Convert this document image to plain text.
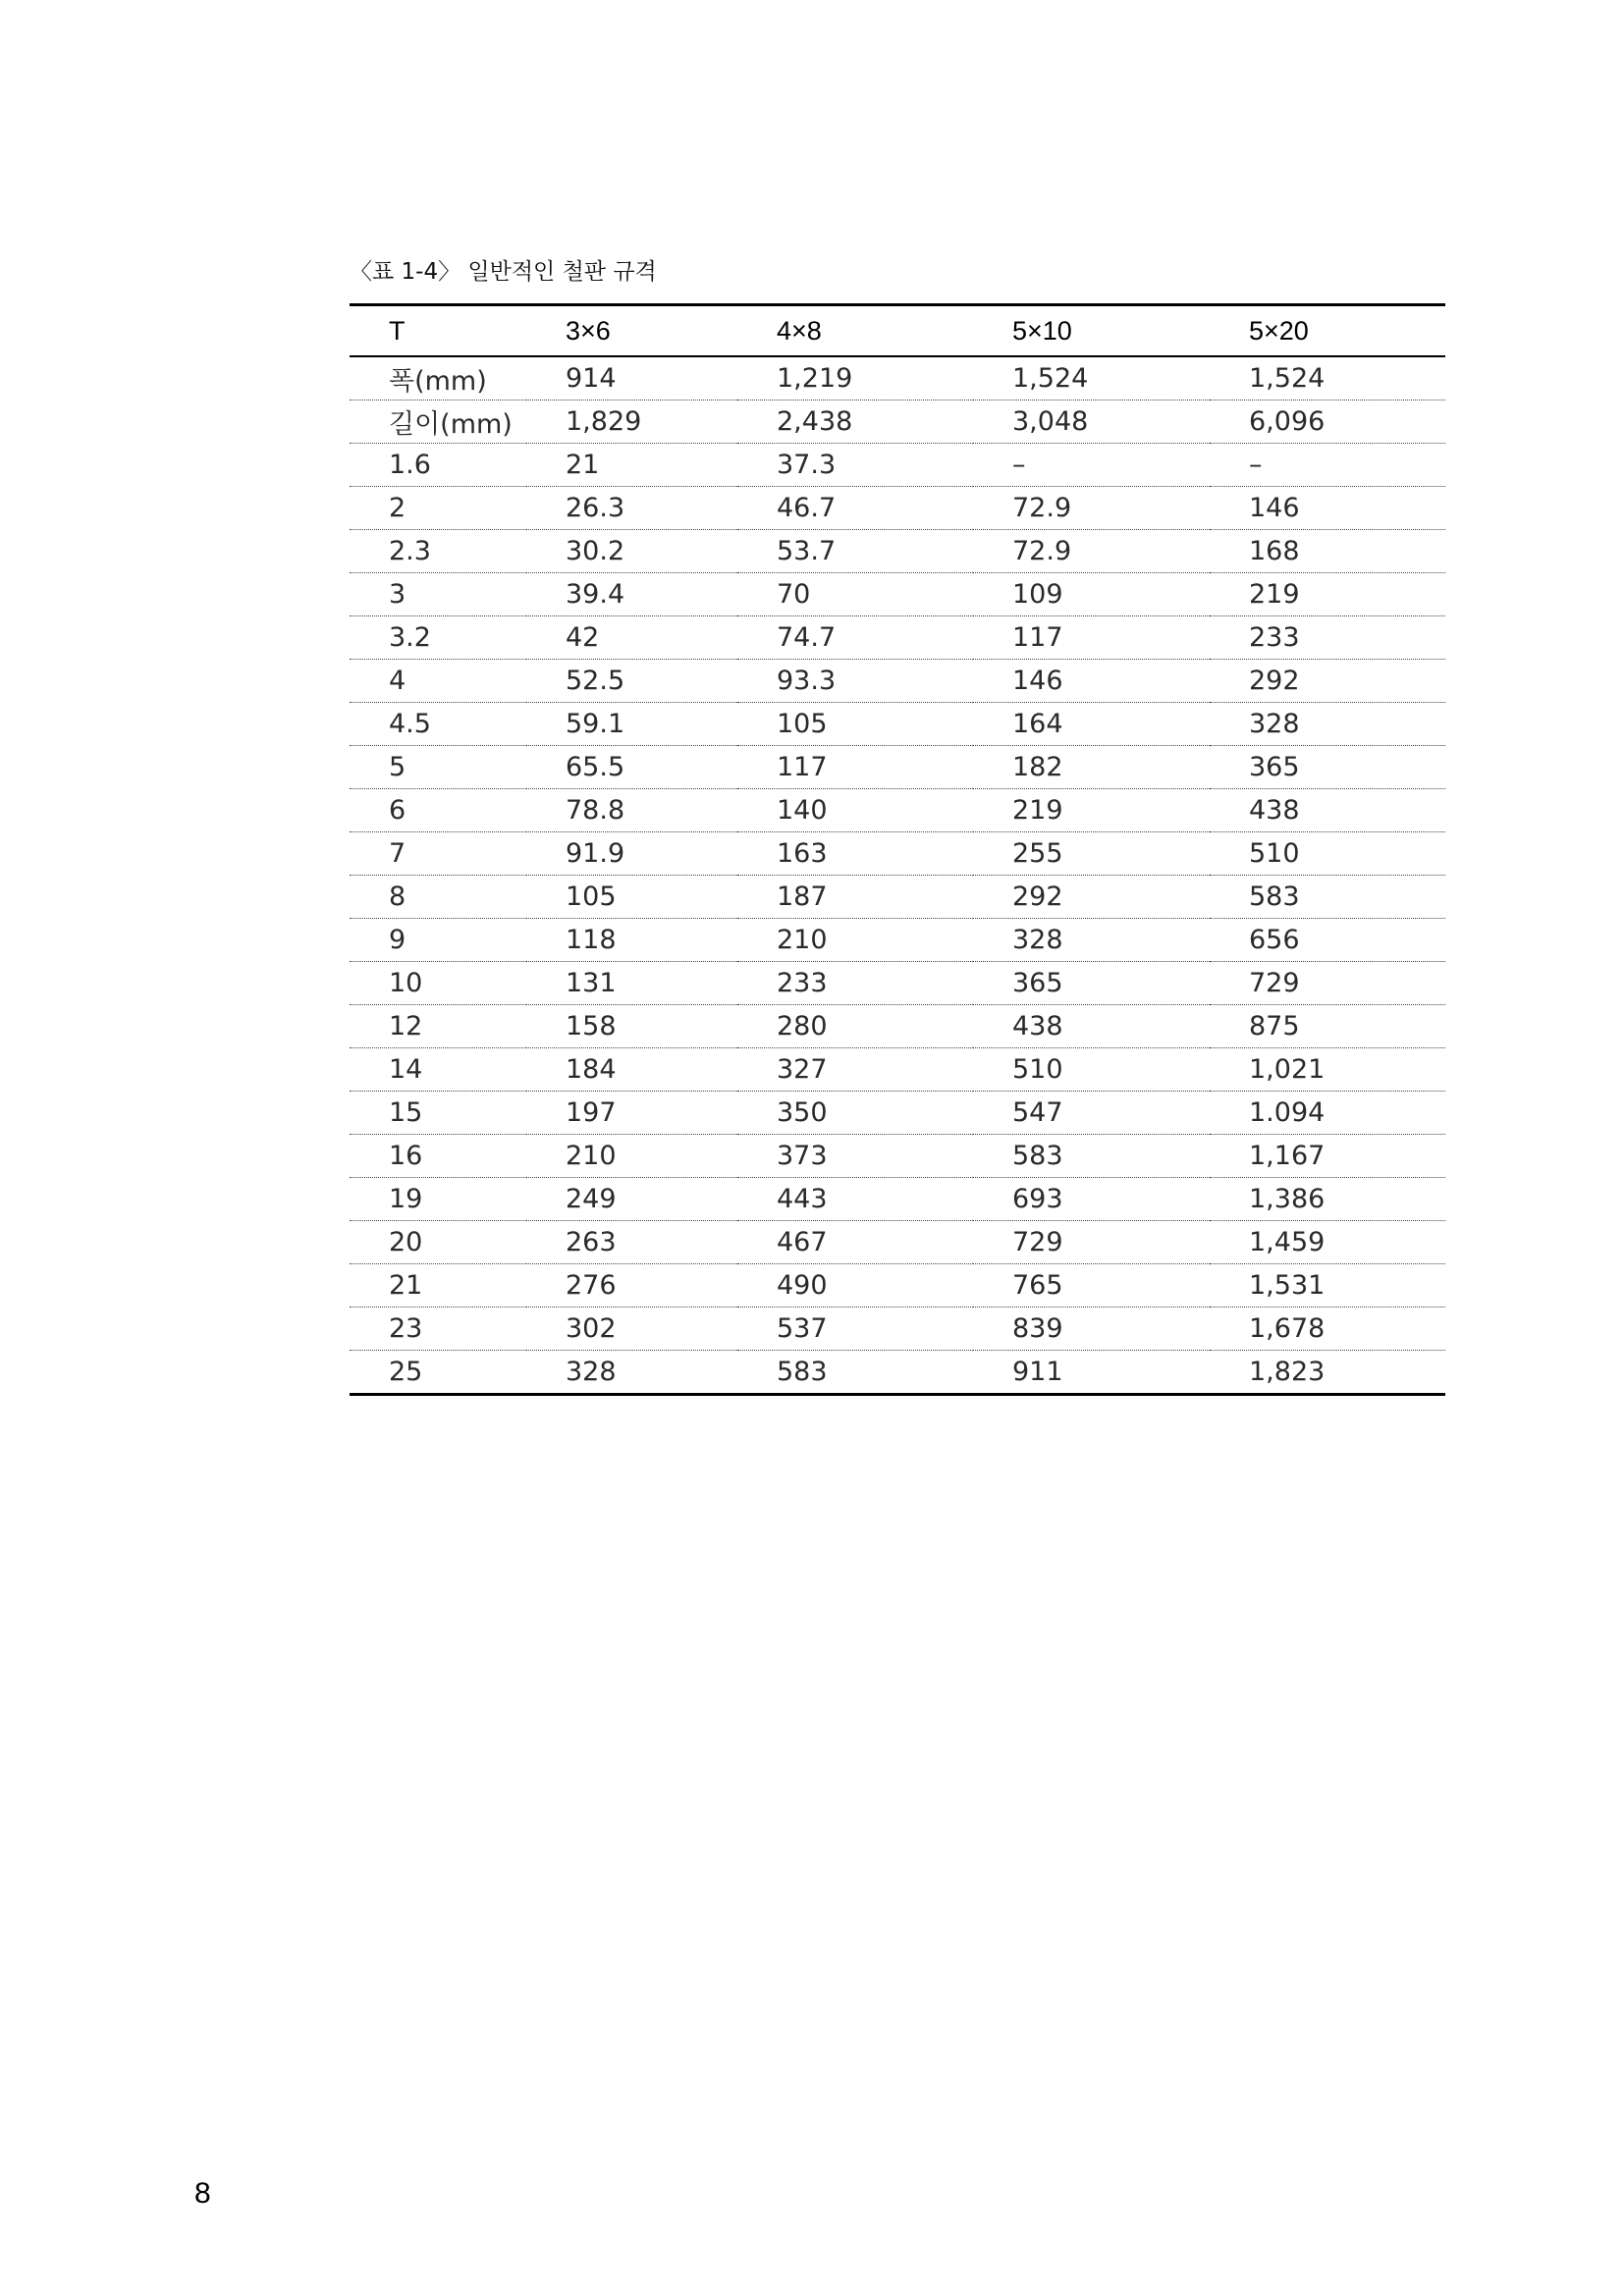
〈표 1-4〉 일반적인 철판 규격
T	3×6	4×8	5×10	5×20
폭(mm)	914	1,219	1,524	1,524
길이(mm)	1,829	2,438	3,048	6,096
1.6	21	37.3	–	–
2	26.3	46.7	72.9	146
2.3	30.2	53.7	72.9	168
3	39.4	70	109	219
3.2	42	74.7	117	233
4	52.5	93.3	146	292
4.5	59.1	105	164	328
5	65.5	117	182	365
6	78.8	140	219	438
7	91.9	163	255	510
8	105	187	292	583
9	118	210	328	656
10	131	233	365	729
12	158	280	438	875
14	184	327	510	1,021
15	197	350	547	1.094
16	210	373	583	1,167
19	249	443	693	1,386
20	263	467	729	1,459
21	276	490	765	1,531
23	302	537	839	1,678
25	328	583	911	1,823
8
